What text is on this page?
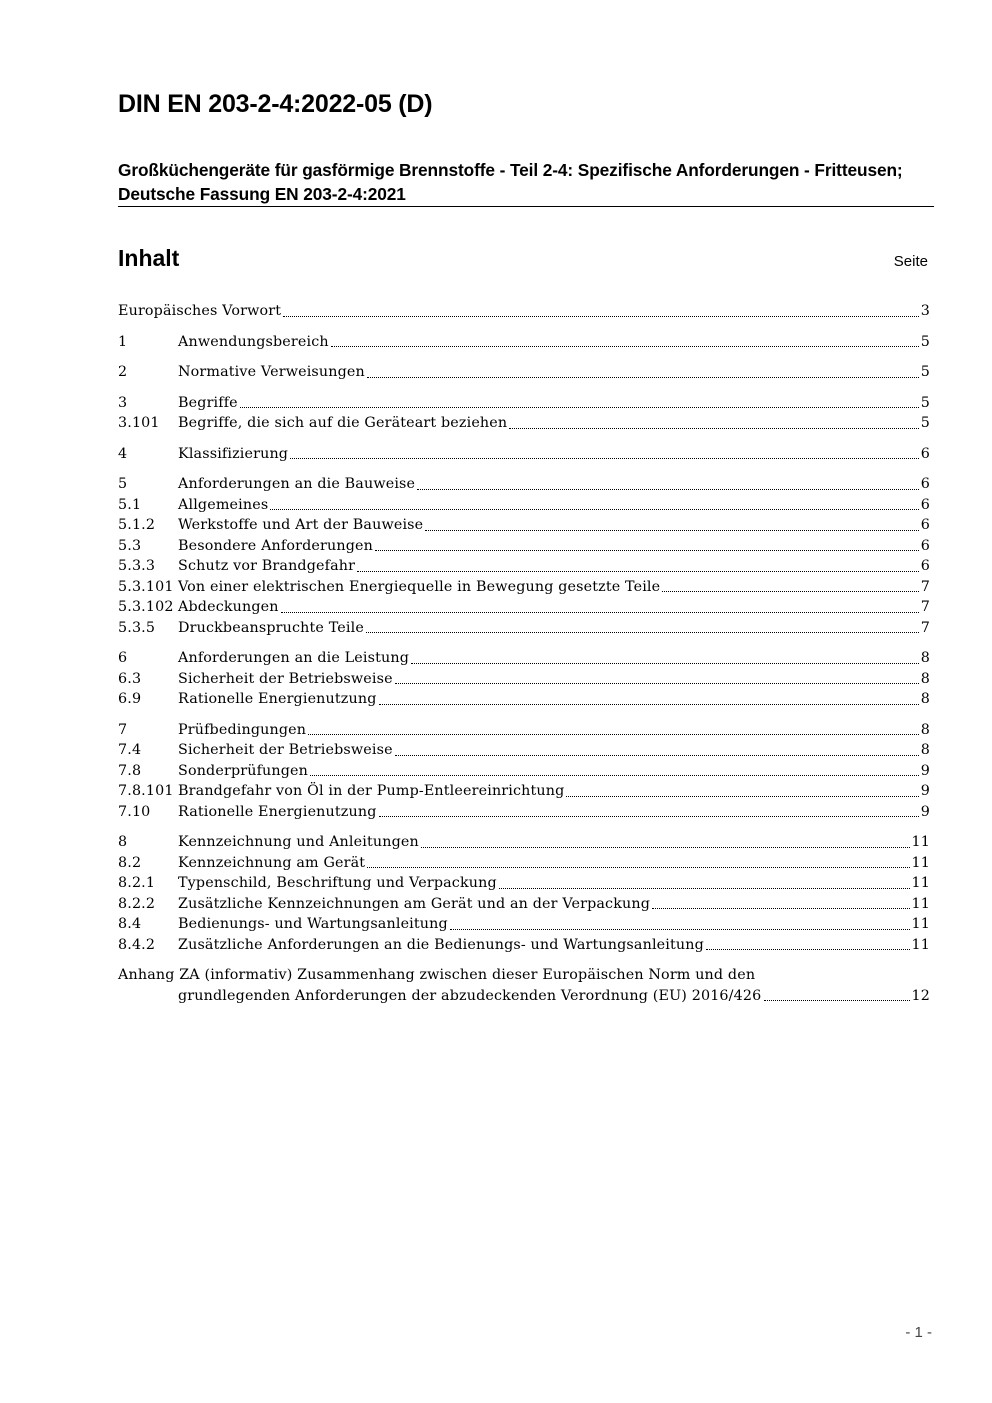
DIN EN 203-2-4:2022-05 (D)

Großküchengeräte für gasförmige Brennstoffe - Teil 2-4: Spezifische Anforderungen - Fritteusen; Deutsche Fassung EN 203-2-4:2021

Inhalt	Seite
Europäisches Vorwort	3
1	Anwendungsbereich	5
2	Normative Verweisungen	5
3	Begriffe	5
3.101 Begriffe, die sich auf die Geräteart beziehen	5
4	Klassifizierung	6
5	Anforderungen an die Bauweise	6
5.1	Allgemeines	6
5.1.2 Werkstoffe und Art der Bauweise	6
5.3	Besondere Anforderungen	6
5.3.3 Schutz vor Brandgefahr	6
5.3.101 Von einer elektrischen Energiequelle in Bewegung gesetzte Teile	7
5.3.102 Abdeckungen	7
5.3.5 Druckbeanspruchte Teile	7
6	Anforderungen an die Leistung	8
6.3	Sicherheit der Betriebsweise	8
6.9	Rationelle Energienutzung	8
7	Prüfbedingungen	8
7.4	Sicherheit der Betriebsweise	8
7.8	Sonderprüfungen	9
7.8.101 Brandgefahr von Öl in der Pump-Entleereinrichtung	9
7.10 Rationelle Energienutzung	9
8	Kennzeichnung und Anleitungen	11
8.2	Kennzeichnung am Gerät	11
8.2.1 Typenschild, Beschriftung und Verpackung	11
8.2.2 Zusätzliche Kennzeichnungen am Gerät und an der Verpackung	11
8.4	Bedienungs- und Wartungsanleitung	11
8.4.2 Zusätzliche Anforderungen an die Bedienungs- und Wartungsanleitung	11
Anhang ZA (informativ) Zusammenhang zwischen dieser Europäischen Norm und den
grundlegenden Anforderungen der abzudeckenden Verordnung (EU) 2016/426	12
- 1 -
